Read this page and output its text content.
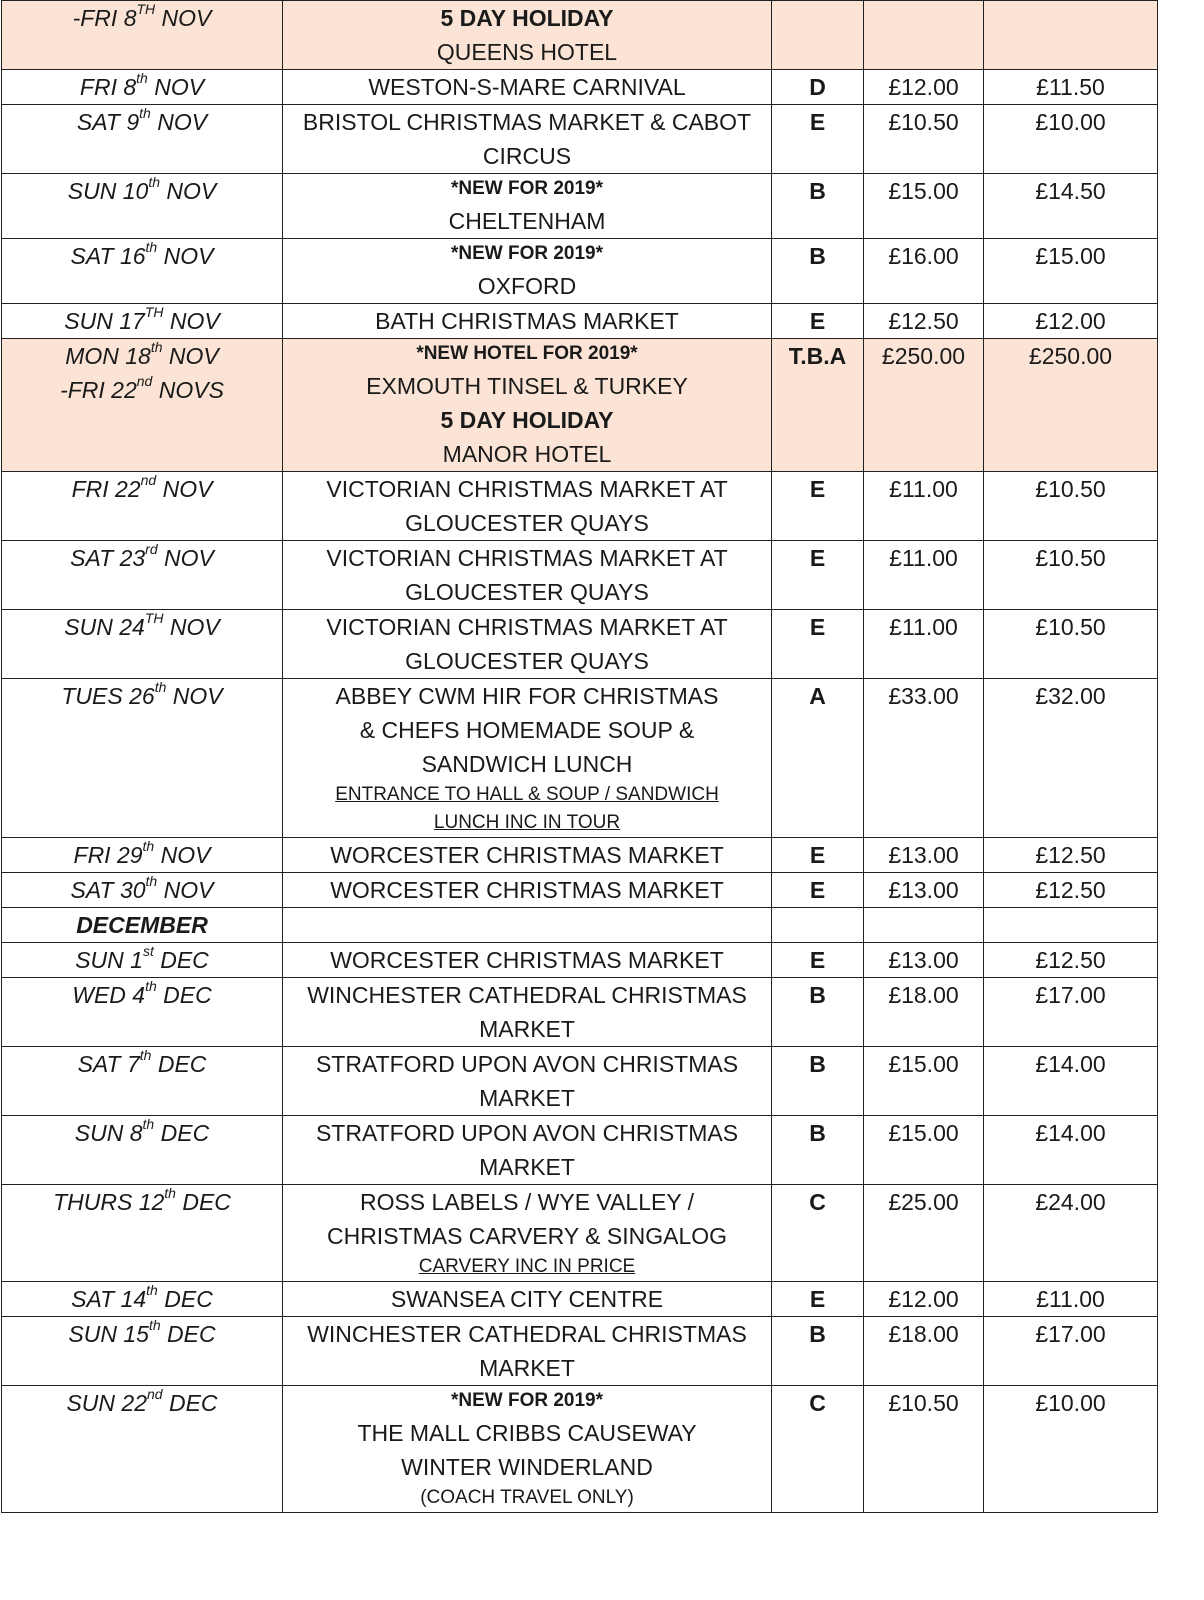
-FRI 8TH NOV	5 DAY HOLIDAY
QUEENS HOTEL			

FRI 8th NOV	WESTON-S-MARE CARNIVAL	D	£12.00	£11.50

SAT 9th NOV	BRISTOL CHRISTMAS MARKET & CABOT
CIRCUS	E	£10.50	£10.00

SUN 10th NOV	*NEW FOR 2019*
CHELTENHAM	B	£15.00	£14.50

SAT 16th NOV	*NEW FOR 2019*
OXFORD	B	£16.00	£15.00

SUN 17TH NOV	BATH CHRISTMAS MARKET	E	£12.50	£12.00

MON 18th NOV
-FRI 22nd NOVS	*NEW HOTEL FOR 2019*
EXMOUTH TINSEL & TURKEY
5 DAY HOLIDAY
MANOR HOTEL	T.B.A	£250.00	£250.00

FRI 22nd NOV	VICTORIAN CHRISTMAS MARKET AT
GLOUCESTER QUAYS	E	£11.00	£10.50

SAT 23rd NOV	VICTORIAN CHRISTMAS MARKET AT
GLOUCESTER QUAYS	E	£11.00	£10.50

SUN 24TH NOV	VICTORIAN CHRISTMAS MARKET AT
GLOUCESTER QUAYS	E	£11.00	£10.50

TUES 26th NOV	ABBEY CWM HIR FOR CHRISTMAS
& CHEFS HOMEMADE SOUP &
SANDWICH LUNCH
ENTRANCE TO HALL & SOUP / SANDWICH
LUNCH INC IN TOUR	A	£33.00	£32.00

FRI 29th NOV	WORCESTER CHRISTMAS MARKET	E	£13.00	£12.50

SAT 30th NOV	WORCESTER CHRISTMAS MARKET	E	£13.00	£12.50
DECEMBER				

SUN 1st DEC	WORCESTER CHRISTMAS MARKET	E	£13.00	£12.50

WED 4th DEC	WINCHESTER CATHEDRAL CHRISTMAS
MARKET	B	£18.00	£17.00

SAT 7th DEC	STRATFORD UPON AVON CHRISTMAS
MARKET	B	£15.00	£14.00

SUN 8th DEC	STRATFORD UPON AVON CHRISTMAS
MARKET	B	£15.00	£14.00

THURS 12th DEC	ROSS LABELS / WYE VALLEY /
CHRISTMAS CARVERY & SINGALOG
CARVERY INC IN PRICE	C	£25.00	£24.00

SAT 14th DEC	SWANSEA CITY CENTRE	E	£12.00	£11.00

SUN 15th DEC	WINCHESTER CATHEDRAL CHRISTMAS
MARKET	B	£18.00	£17.00

SUN 22nd DEC	*NEW FOR 2019*
THE MALL CRIBBS CAUSEWAY
WINTER WINDERLAND
(COACH TRAVEL ONLY)	C	£10.50	£10.00
